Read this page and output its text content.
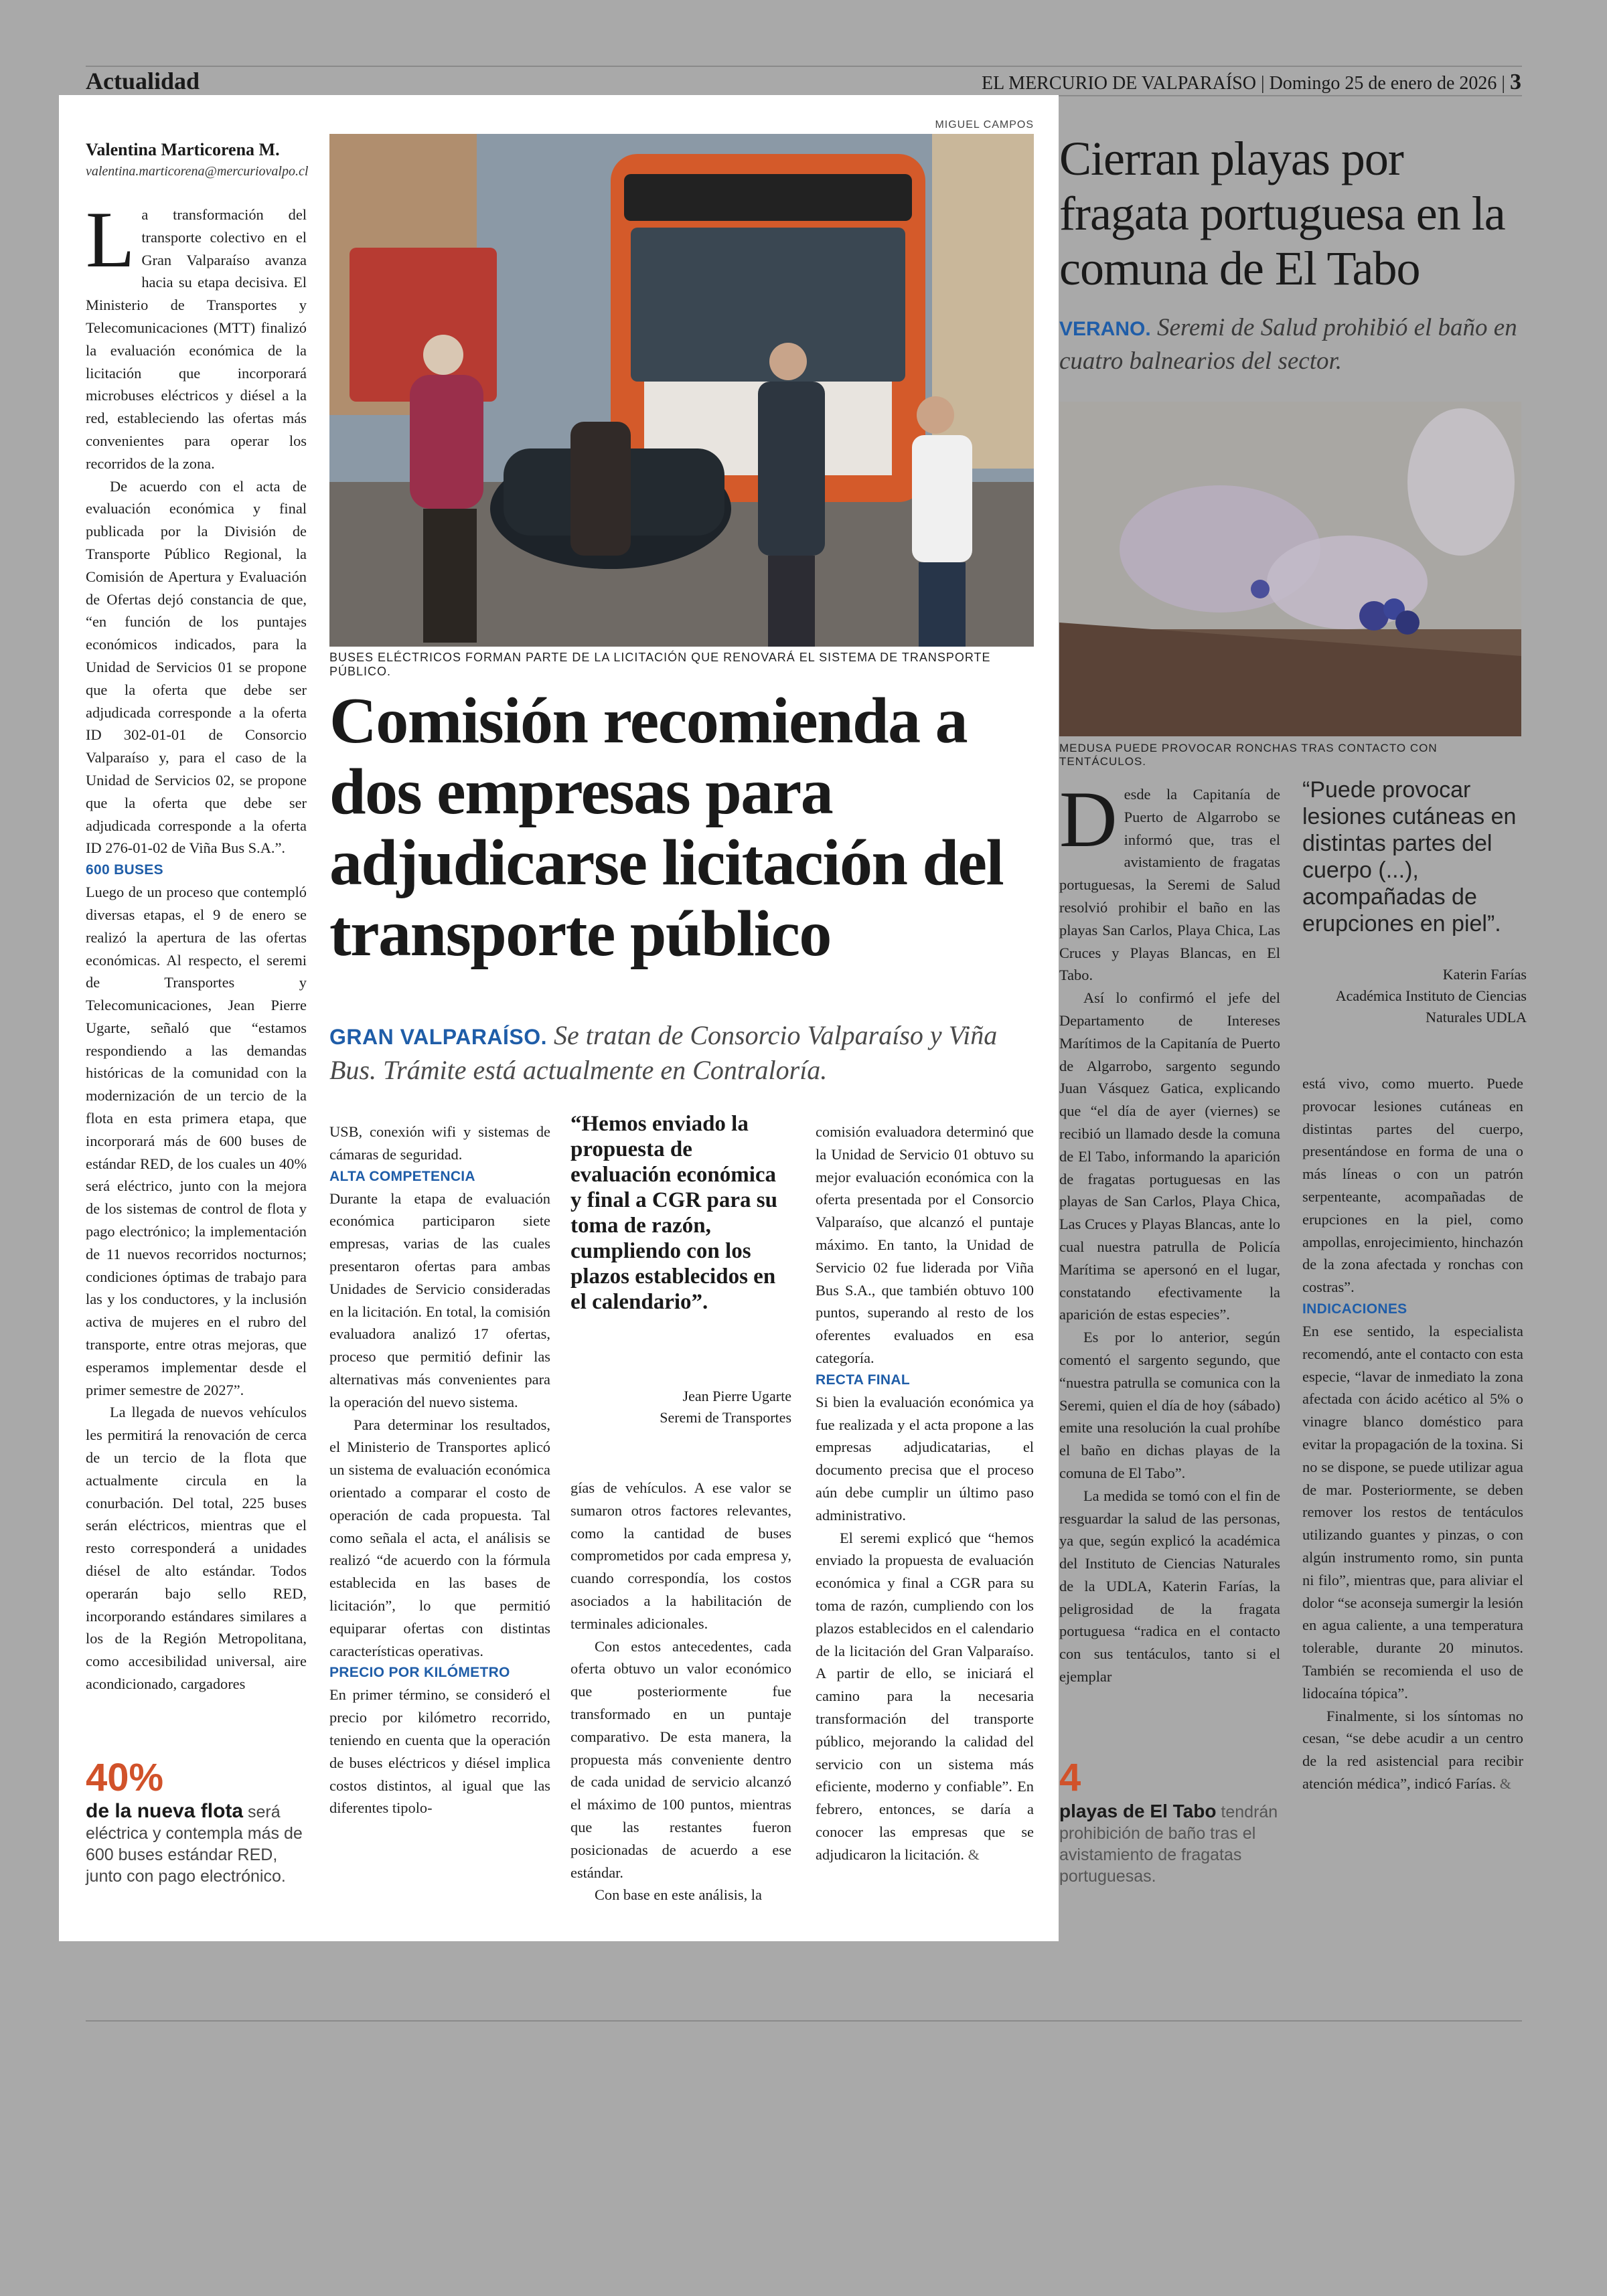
Actualidad	EL MERCURIO DE VALPARAÍSO | Domingo 25 de enero de 2026 | 3
Valentina Marticorena M.
valentina.marticorena@mercuriovalpo.cl

La transformación del transporte colectivo en el Gran Valparaíso avanza hacia su etapa decisiva. El Ministerio de Transportes y Telecomunicaciones (MTT) finalizó la evaluación económica de la licitación que incorporará microbuses eléctricos y diésel a la red, estableciendo las ofertas más convenientes para operar los recorridos de la zona.

De acuerdo con el acta de evaluación económica y final publicada por la División de Transporte Público Regional, la Comisión de Apertura y Evaluación de Ofertas dejó constancia de que, “en función de los puntajes económicos indicados, para la Unidad de Servicios 01 se propone que la oferta que debe ser adjudicada corresponde a la oferta ID 302-01-01 de Consorcio Valparaíso y, para el caso de la Unidad de Servicios 02, se propone que la oferta que debe ser adjudicada corresponde a la oferta ID 276-01-02 de Viña Bus S.A.”.

600 BUSES

Luego de un proceso que contempló diversas etapas, el 9 de enero se realizó la apertura de las ofertas económicas. Al respecto, el seremi de Transportes y Telecomunicaciones, Jean Pierre Ugarte, señaló que “estamos respondiendo a las demandas históricas de la comunidad con la modernización de un tercio de la flota en esta primera etapa, que incorporará más de 600 buses de estándar RED, de los cuales un 40% será eléctrico, junto con la mejora de los sistemas de control de flota y pago electrónico; la implementación de 11 nuevos recorridos nocturnos; condiciones óptimas de trabajo para las y los conductores, y la inclusión activa de mujeres en el rubro del transporte, entre otras mejoras, que esperamos implementar desde el primer semestre de 2027”.

La llegada de nuevos vehículos les permitirá la renovación de cerca de un tercio de la flota que actualmente circula en la conurbación. Del total, 225 buses serán eléctricos, mientras que el resto corresponderá a unidades diésel de alto estándar. Todos operarán bajo sello RED, incorporando estándares similares a los de la Región Metropolitana, como accesibilidad universal, aire acondicionado, cargadores

MIGUEL CAMPOS
BUSES ELÉCTRICOS FORMAN PARTE DE LA LICITACIÓN QUE RENOVARÁ EL SISTEMA DE TRANSPORTE PÚBLICO.
Comisión recomienda a dos empresas para adjudicarse licitación del transporte público
GRAN VALPARAÍSO. Se tratan de Consorcio Valparaíso y Viña Bus. Trámite está actualmente en Contraloría.

USB, conexión wifi y sistemas de cámaras de seguridad.

ALTA COMPETENCIA

Durante la etapa de evaluación económica participaron siete empresas, varias de las cuales presentaron ofertas para ambas Unidades de Servicio consideradas en la licitación. En total, la comisión evaluadora analizó 17 ofertas, proceso que permitió definir las alternativas más convenientes para la operación del nuevo sistema.

Para determinar los resultados, el Ministerio de Transportes aplicó un sistema de evaluación económica orientado a comparar el costo de operación de cada propuesta. Tal como señala el acta, el análisis se realizó “de acuerdo con la fórmula establecida en las bases de licitación”, lo que permitió equiparar ofertas con distintas características operativas.

PRECIO POR KILÓMETRO

En primer término, se consideró el precio por kilómetro recorrido, teniendo en cuenta que la operación de buses eléctricos y diésel implica costos distintos, al igual que las diferentes tipolo-

“Hemos enviado la propuesta de evaluación económica y final a CGR para su toma de razón, cumpliendo con los plazos establecidos en el calendario”.
Jean Pierre Ugarte
Seremi de Transportes

gías de vehículos. A ese valor se sumaron otros factores relevantes, como la cantidad de buses comprometidos por cada empresa y, cuando correspondía, los costos asociados a la habilitación de terminales adicionales.

Con estos antecedentes, cada oferta obtuvo un valor económico que posteriormente fue transformado en un puntaje comparativo. De esta manera, la propuesta más conveniente dentro de cada unidad de servicio alcanzó el máximo de 100 puntos, mientras que las restantes fueron posicionadas de acuerdo a ese estándar.

Con base en este análisis, la

comisión evaluadora determinó que la Unidad de Servicio 01 obtuvo su mejor evaluación económica con la oferta presentada por el Consorcio Valparaíso, que alcanzó el puntaje máximo. En tanto, la Unidad de Servicio 02 fue liderada por Viña Bus S.A., que también obtuvo 100 puntos, superando al resto de los oferentes evaluados en esa categoría.

RECTA FINAL

Si bien la evaluación económica ya fue realizada y el acta propone a las empresas adjudicatarias, el documento precisa que el proceso aún debe cumplir un último paso administrativo.

El seremi explicó que “hemos enviado la propuesta de evaluación económica y final a CGR para su toma de razón, cumpliendo con los plazos establecidos en el calendario de la licitación del Gran Valparaíso. A partir de ello, se iniciará el camino para la necesaria transformación del transporte público, mejorando la calidad del servicio con un sistema más eficiente, moderno y confiable”. En febrero, entonces, se daría a conocer las empresas que se adjudicaron la licitación. &

40%
de la nueva flota será eléctrica y contempla más de 600 buses estándar RED, junto con pago electrónico.
Cierran playas por fragata portuguesa en la comuna de El Tabo
VERANO. Seremi de Salud prohibió el baño en cuatro balnearios del sector.
MEDUSA PUEDE PROVOCAR RONCHAS TRAS CONTACTO CON TENTÁCULOS.

Desde la Capitanía de Puerto de Algarrobo se informó que, tras el avistamiento de fragatas portuguesas, la Seremi de Salud resolvió prohibir el baño en las playas San Carlos, Playa Chica, Las Cruces y Playas Blancas, en El Tabo.

Así lo confirmó el jefe del Departamento de Intereses Marítimos de la Capitanía de Puerto de Algarrobo, sargento segundo Juan Vásquez Gatica, explicando que “el día de ayer (viernes) se recibió un llamado desde la comuna de El Tabo, informando la aparición de fragatas portuguesas en las playas de San Carlos, Playa Chica, Las Cruces y Playas Blancas, ante lo cual nuestra patrulla de Policía Marítima se apersonó en el lugar, constatando efectivamente la aparición de estas especies”.

Es por lo anterior, según comentó el sargento segundo, que “nuestra patrulla se comunica con la Seremi, quien el día de hoy (sábado) emite una resolución la cual prohíbe el baño en dichas playas de la comuna de El Tabo”.

La medida se tomó con el fin de resguardar la salud de las personas, ya que, según explicó la académica del Instituto de Ciencias Naturales de la UDLA, Katerin Farías, la peligrosidad de la fragata portuguesa “radica en el contacto con sus tentáculos, tanto si el ejemplar

“Puede provocar lesiones cutáneas en distintas partes del cuerpo (...), acompañadas de erupciones en piel”.
Katerin Farías
Académica Instituto de Ciencias Naturales UDLA

está vivo, como muerto. Puede provocar lesiones cutáneas en distintas partes del cuerpo, presentándose en forma de una o más líneas o con un patrón serpenteante, acompañadas de erupciones en la piel, como ampollas, enrojecimiento, hinchazón de la zona afectada y ronchas con costras”.

INDICACIONES

En ese sentido, la especialista recomendó, ante el contacto con esta especie, “lavar de inmediato la zona afectada con ácido acético al 5% o vinagre blanco doméstico para evitar la propagación de la toxina. Si no se dispone, se puede utilizar agua de mar. Posteriormente, se deben remover los restos de tentáculos utilizando guantes y pinzas, o con algún instrumento romo, sin punta ni filo”, mientras que, para aliviar el dolor “se aconseja sumergir la lesión en agua caliente, a una temperatura tolerable, durante 20 minutos. También se recomienda el uso de lidocaína tópica”.

Finalmente, si los síntomas no cesan, “se debe acudir a un centro de la red asistencial para recibir atención médica”, indicó Farías. &

4
playas de El Tabo tendrán prohibición de baño tras el avistamiento de fragatas portuguesas.
